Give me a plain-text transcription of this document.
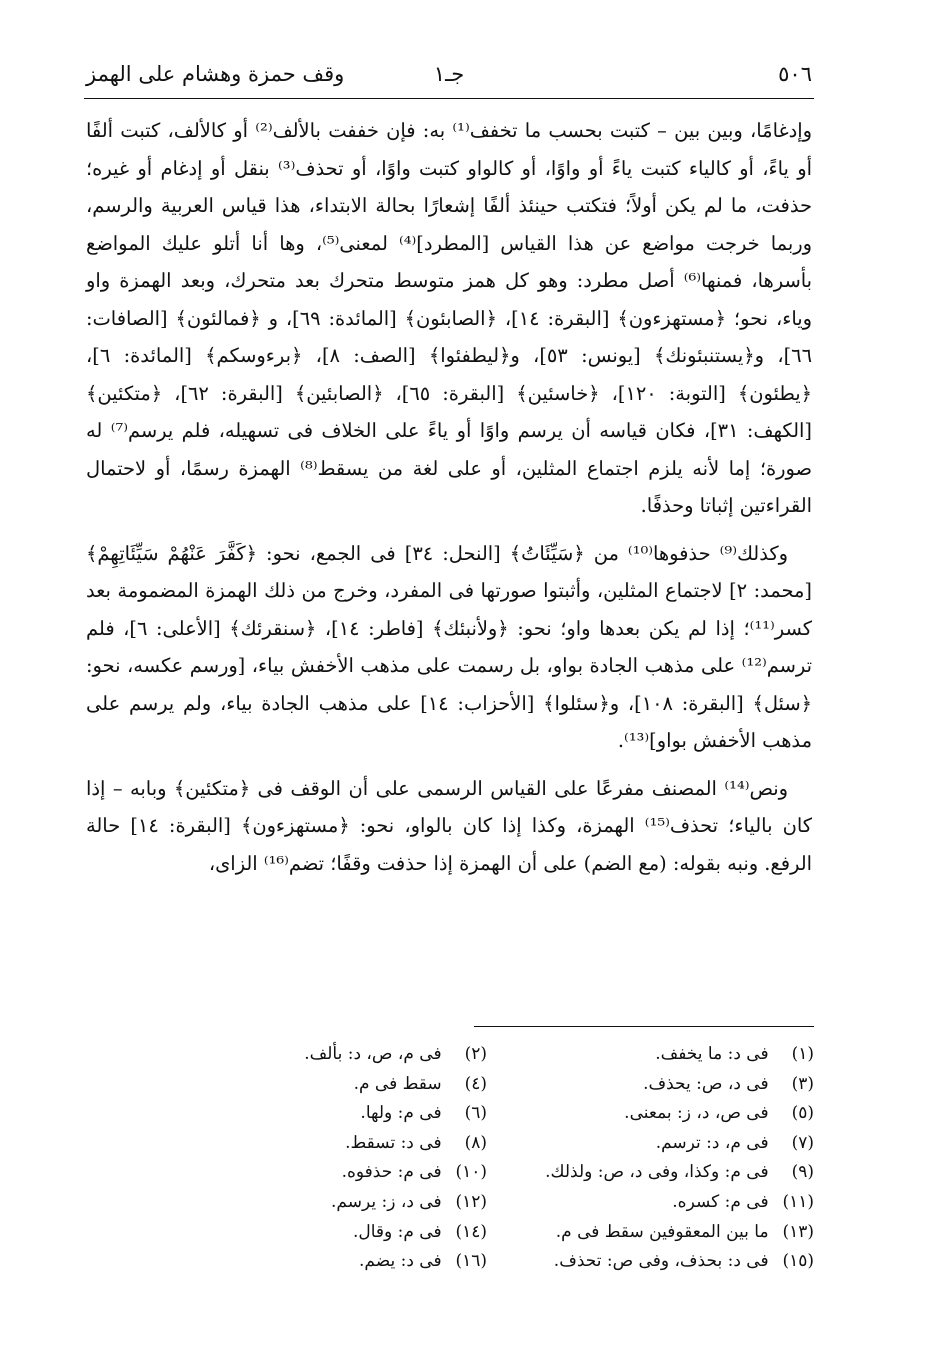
٥٠٦
جـ١
وقف حمزة وهشام على الهمز

وإدغامًا، وبين بين – كتبت بحسب ما تخفف⁽¹⁾ به: فإن خففت بالألف⁽²⁾ أو كالألف، كتبت ألفًا أو ياءً، أو كالياء كتبت ياءً أو واوًا، أو كالواو كتبت واوًا، أو تحذف⁽³⁾ بنقل أو إدغام أو غيره؛ حذفت، ما لم يكن أولاً؛ فتكتب حينئذ ألفًا إشعارًا بحالة الابتداء، هذا قياس العربية والرسم، وربما خرجت مواضع عن هذا القياس [المطرد]⁽⁴⁾ لمعنى⁽⁵⁾، وها أنا أتلو عليك المواضع بأسرها، فمنها⁽⁶⁾ أصل مطرد: وهو كل همز متوسط متحرك بعد متحرك، وبعد الهمزة واو وياء، نحو؛ ﴿مستهزءون﴾ [البقرة: ١٤]، ﴿الصابئون﴾ [المائدة: ٦٩]، و ﴿فمالئون﴾ [الصافات: ٦٦]، و﴿يستنبئونك﴾ [يونس: ٥٣]، و﴿ليطفئوا﴾ [الصف: ٨]، ﴿برءوسكم﴾ [المائدة: ٦]، ﴿يطئون﴾ [التوبة: ١٢٠]، ﴿خاسئين﴾ [البقرة: ٦٥]، ﴿الصابئين﴾ [البقرة: ٦٢]، ﴿متكئين﴾ [الكهف: ٣١]، فكان قياسه أن يرسم واوًا أو ياءً على الخلاف فى تسهيله، فلم يرسم⁽⁷⁾ له صورة؛ إما لأنه يلزم اجتماع المثلين، أو على لغة من يسقط⁽⁸⁾ الهمزة رسمًا، أو لاحتمال القراءتين إثباتا وحذفًا.

وكذلك⁽⁹⁾ حذفوها⁽¹⁰⁾ من ﴿سَيِّئَاتُ﴾ [النحل: ٣٤] فى الجمع، نحو: ﴿كَفَّرَ عَنْهُمْ سَيِّئَاتِهِمْ﴾ [محمد: ٢] لاجتماع المثلين، وأثبتوا صورتها فى المفرد، وخرج من ذلك الهمزة المضمومة بعد كسر⁽¹¹⁾؛ إذا لم يكن بعدها واو؛ نحو: ﴿ولأنبئك﴾ [فاطر: ١٤]، ﴿سنقرئك﴾ [الأعلى: ٦]، فلم ترسم⁽¹²⁾ على مذهب الجادة بواو، بل رسمت على مذهب الأخفش بياء، [ورسم عكسه، نحو: ﴿سئل﴾ [البقرة: ١٠٨]، و﴿سئلوا﴾ [الأحزاب: ١٤] على مذهب الجادة بياء، ولم يرسم على مذهب الأخفش بواو]⁽¹³⁾.

ونص⁽¹⁴⁾ المصنف مفرعًا على القياس الرسمى على أن الوقف فى ﴿متكئين﴾ وبابه – إذا كان بالياء؛ تحذف⁽¹⁵⁾ الهمزة، وكذا إذا كان بالواو، نحو: ﴿مستهزءون﴾ [البقرة: ١٤] حالة الرفع. ونبه بقوله: (مع الضم) على أن الهمزة إذا حذفت وقفًا؛ تضم⁽¹⁶⁾ الزاى،

(١) فى د: ما يخفف.
(٢) فى م، ص، د: بألف.
(٣) فى د، ص: يحذف.
(٤) سقط فى م.
(٥) فى ص، د، ز: بمعنى.
(٦) فى م: ولها.
(٧) فى م، د: ترسم.
(٨) فى د: تسقط.
(٩) فى م: وكذا، وفى د، ص: ولذلك.
(١٠) فى م: حذفوه.
(١١) فى م: كسره.
(١٢) فى د، ز: يرسم.
(١٣) ما بين المعقوفين سقط فى م.
(١٤) فى م: وقال.
(١٥) فى د: بحذف، وفى ص: تحذف.
(١٦) فى د: يضم.
